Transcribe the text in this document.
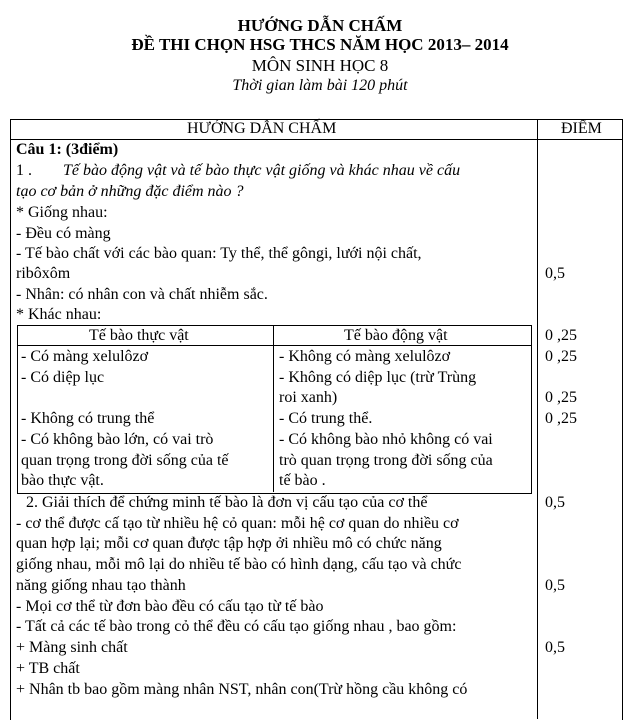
HƯỚNG DẪN CHẤM
ĐỀ THI CHỌN HSG THCS NĂM HỌC 2013– 2014
MÔN SINH HỌC 8
Thời gian làm bài 120 phút
HƯỚNG DẪN CHẤM	ĐIỂM
Câu 1: (3điểm)
1 . Tế bào động vật và tế bào thực vật giống và khác nhau về cấu
tạo cơ bản ở những đặc điểm nào ?
* Giống nhau:
- Đều có màng
- Tế bào chất với các bào quan: Ty thể, thể gôngi, lưới nội chất,
ribôxôm
- Nhân: có nhân con và chất nhiễm sắc.
* Khác nhau:
Tế bào thực vật	Tế bào động vật
- Có màng xelulôzơ
- Có diệp lục
- Không có trung thể
- Có không bào lớn, có vai trò
quan trọng trong đời sống của tế
bào thực vật.
- Không có màng xelulôzơ
- Không có diệp lục (trừ Trùng
roi xanh)
- Có trung thể.
- Có không bào nhỏ không có vai
trò quan trọng trong đời sống của
tế bào .
2. Giải thích để chứng minh tế bào là đơn vị cấu tạo của cơ thể
- cơ thể được cấ tạo từ nhiều hệ cỏ quan: mỗi hệ cơ quan do nhiều cơ
quan hợp lại; mỗi cơ quan được tập hợp ởi nhiều mô có chức năng
giống nhau, mỗi mô lại do nhiều tế bào có hình dạng, cấu tạo và chức
năng giống nhau tạo thành
- Mọi cơ thể từ đơn bào đều có cấu tạo từ tế bào
- Tất cả các tế bào trong cỏ thể đều có cấu tạo giống nhau , bao gồm:
+ Màng sinh chất
+ TB chất
+ Nhân tb bao gồm màng nhân NST, nhân con(Trừ hồng cầu không có
0,5
0 ,25
0 ,25
0 ,25
0 ,25
0,5
0,5
0,5
